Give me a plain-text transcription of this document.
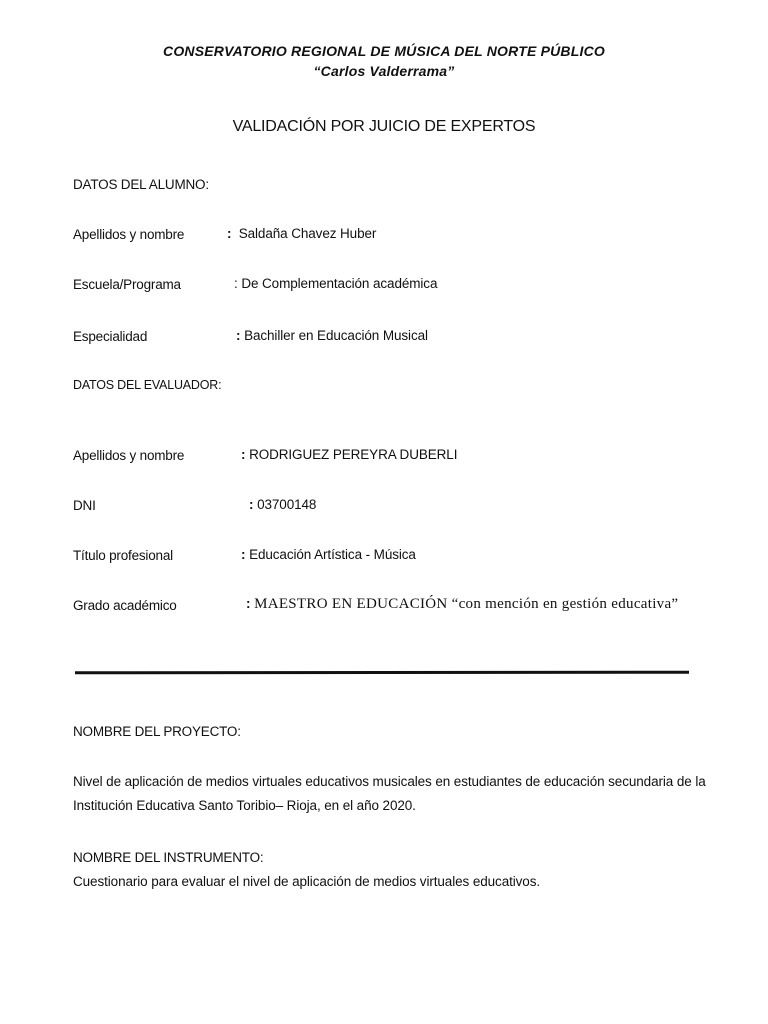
CONSERVATORIO REGIONAL DE MÚSICA DEL NORTE PÚBLICO
“Carlos Valderrama”
VALIDACIÓN POR JUICIO DE EXPERTOS
DATOS DEL ALUMNO:
Apellidos y nombre	: Saldaña Chavez Huber
Escuela/Programa	: De Complementación académica
Especialidad	: Bachiller en Educación Musical
DATOS DEL EVALUADOR:
Apellidos y nombre	: RODRIGUEZ PEREYRA DUBERLI
DNI	: 03700148
Título profesional	: Educación Artística - Música
Grado académico	: MAESTRO EN EDUCACIÓN “con mención en gestión educativa”
NOMBRE DEL PROYECTO:
Nivel de aplicación de medios virtuales educativos musicales en estudiantes de educación secundaria de la
Institución Educativa Santo Toribio– Rioja, en el año 2020.
NOMBRE DEL INSTRUMENTO:
Cuestionario para evaluar el nivel de aplicación de medios virtuales educativos.
